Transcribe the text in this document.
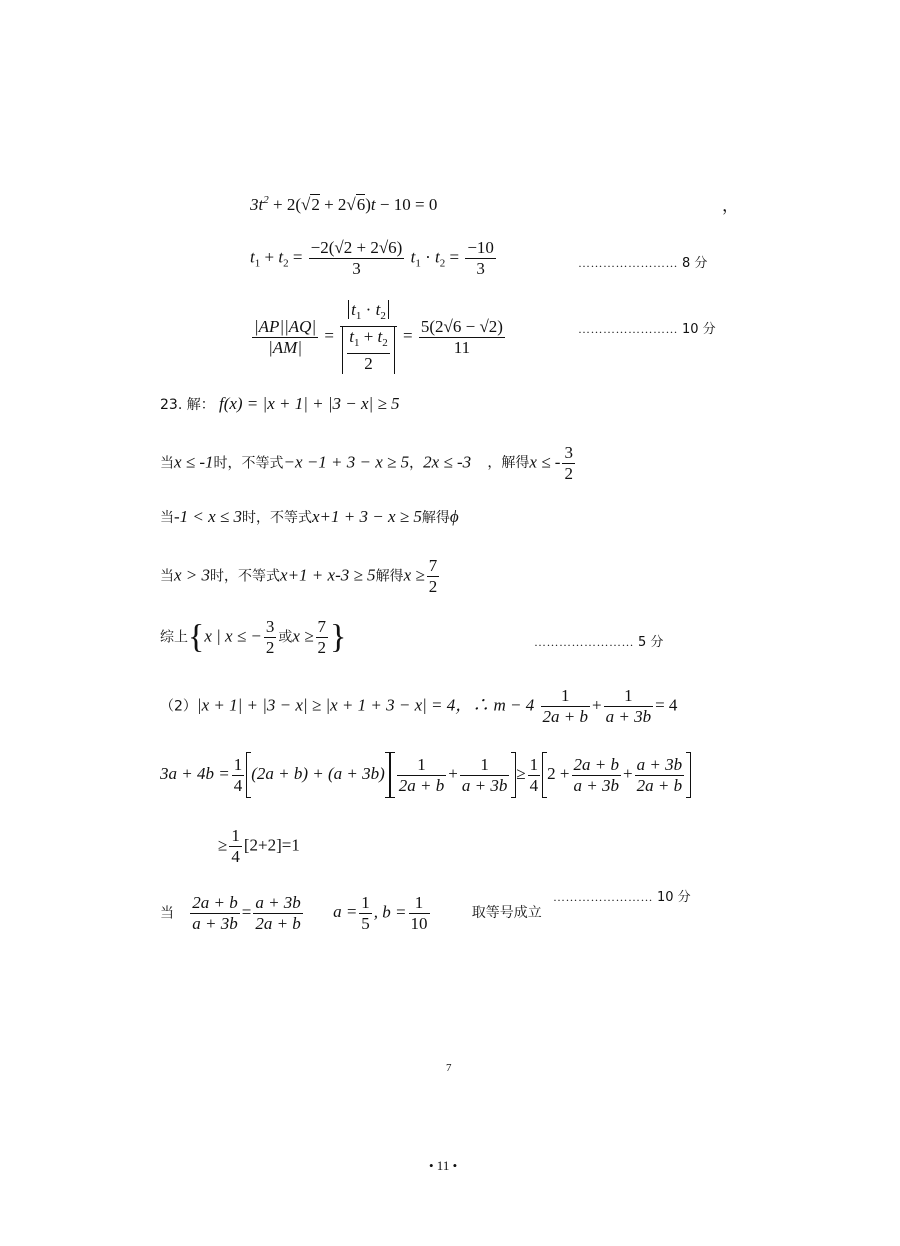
$3t^2 + 2(√2 + 2√6)t - 10 = 0$	，
$t_1 + t_2 = \frac{-2(√2 + 2√6)}{3} t_1 \cdot t_2 = \frac{-10}{3}$	…………………… 8 分
$\frac{|AP||AQ|}{|AM|} = \frac{t_1 \cdot t_2}{\frac{t_1 + t_2}{2}} = \frac{5(2√6 - √2)}{11}$	…………………… 10 分
23. 解： f(x) = |x + 1| + |3 − x| ≥ 5
当x ≤ -1时，不等式−x −1 + 3 − x ≥ 5，2x ≤ -3 ，解得x ≤ - $\frac{3}{2}$
当-1 < x ≤ 3时，不等式x+1 + 3 − x ≥ 5解得ϕ
当x > 3时，不等式x+1 + x-3 ≥ 5解得$x \ge \frac{7}{2}$
综上{x | x ≤ − $\frac{3}{2}$ 或$x \ge \frac{7}{2}$ }	…………………… 5 分
（2）|x + 1| + |3 − x| ≥ |x + 1 + 3 − x| = 4，∴ $m - 4 \frac{1}{2a + b} + \frac{1}{a + 3b} = 4$
$3a + 4b = \frac{1}{4} (2a + b) + (a + 3b) \frac{1}{2a + b} + \frac{1}{a + 3b} \ge \frac{1}{4} 2 + \frac{2a + b}{a + 3b} + \frac{a + 3b}{2a + b}$
≥ $\frac{1}{4} [2+2]=1$
当 $\frac{2a + b}{a + 3b} = \frac{a + 3b}{2a + b}$ $a = \frac{1}{5}$ , $b = \frac{1}{10}$	取等号成立
…………………… 10 分
7
• 11 •
